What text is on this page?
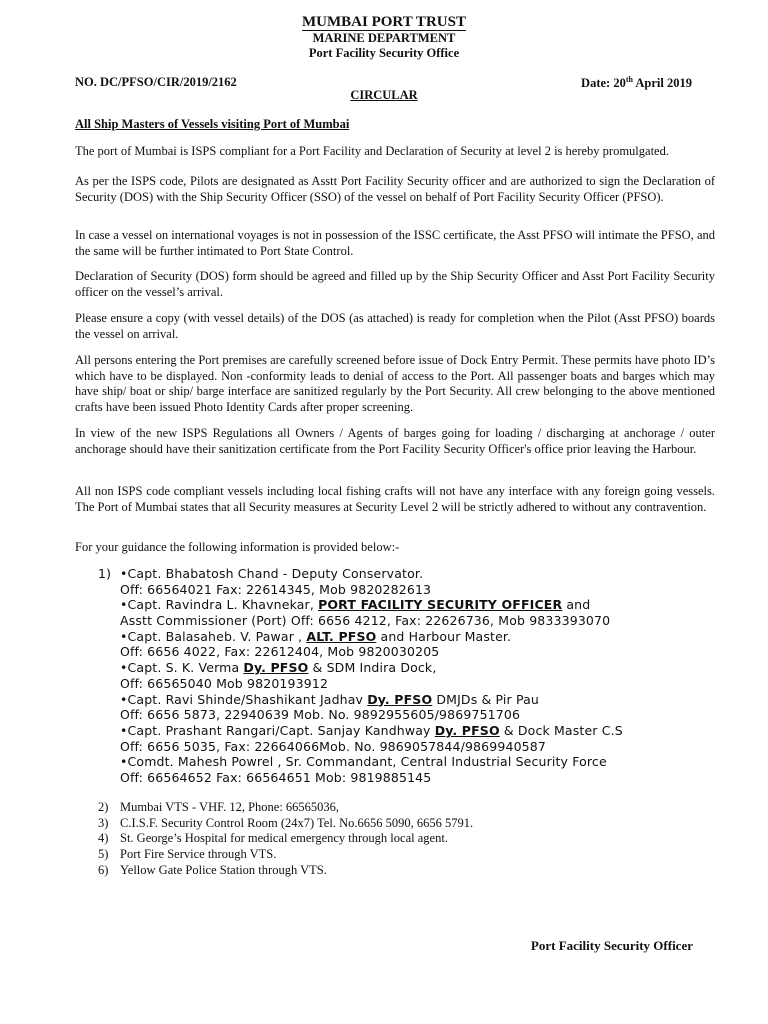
MUMBAI PORT TRUST
MARINE DEPARTMENT
Port Facility Security Office
NO. DC/PFSO/CIR/2019/2162	Date: 20th April 2019
CIRCULAR
All Ship Masters of Vessels visiting Port of Mumbai

The port of Mumbai is ISPS compliant for a Port Facility and Declaration of Security at level 2 is hereby promulgated.

As per the ISPS code, Pilots are designated as Asstt Port Facility Security officer and are authorized to sign the Declaration of Security (DOS) with the Ship Security Officer (SSO) of the vessel on behalf of Port Facility Security Officer (PFSO).

In case a vessel on international voyages is not in possession of the ISSC certificate, the Asst PFSO will intimate the PFSO, and the same will be further intimated to Port State Control.

Declaration of Security (DOS) form should be agreed and filled up by the Ship Security Officer and Asst Port Facility Security officer on the vessel’s arrival.

Please ensure a copy (with vessel details) of the DOS (as attached) is ready for completion when the Pilot (Asst PFSO) boards the vessel on arrival.

All persons entering the Port premises are carefully screened before issue of Dock Entry Permit. These permits have photo ID’s which have to be displayed. Non -conformity leads to denial of access to the Port. All passenger boats and barges which may have ship/ boat or ship/ barge interface are sanitized regularly by the Port Security. All crew belonging to the above mentioned crafts have been issued Photo Identity Cards after proper screening.

In view of the new ISPS Regulations all Owners / Agents of barges going for loading / discharging at anchorage / outer anchorage should have their sanitization certificate from the Port Facility Security Officer's office prior leaving the Harbour.

All non ISPS code compliant vessels including local fishing crafts will not have any interface with any foreign going vessels. The Port of Mumbai states that all Security measures at Security Level 2 will be strictly adhered to without any contravention.

For your guidance the following information is provided below:-

1) •Capt. Bhabatosh Chand - Deputy Conservator.
Off: 66564021 Fax: 22614345, Mob 9820282613
•Capt. Ravindra L. Khavnekar, PORT FACILITY SECURITY OFFICER and
Asstt Commissioner (Port) Off: 6656 4212, Fax: 22626736, Mob 9833393070
•Capt. Balasaheb. V. Pawar , ALT. PFSO and Harbour Master.
Off: 6656 4022, Fax: 22612404, Mob 9820030205
•Capt. S. K. Verma Dy. PFSO & SDM Indira Dock,
Off: 66565040 Mob 9820193912
•Capt. Ravi Shinde/Shashikant Jadhav Dy. PFSO DMJDs & Pir Pau
Off: 6656 5873, 22940639 Mob. No. 9892955605/9869751706
•Capt. Prashant Rangari/Capt. Sanjay Kandhway Dy. PFSO & Dock Master C.S
Off: 6656 5035, Fax: 22664066Mob. No. 9869057844/9869940587
•Comdt. Mahesh Powrel , Sr. Commandant, Central Industrial Security Force
Off: 66564652 Fax: 66564651 Mob: 9819885145
2) Mumbai VTS - VHF. 12, Phone: 66565036,
3) C.I.S.F. Security Control Room (24x7) Tel. No.6656 5090, 6656 5791.
4) St. George’s Hospital for medical emergency through local agent.
5) Port Fire Service through VTS.
6) Yellow Gate Police Station through VTS.
Port Facility Security Officer
